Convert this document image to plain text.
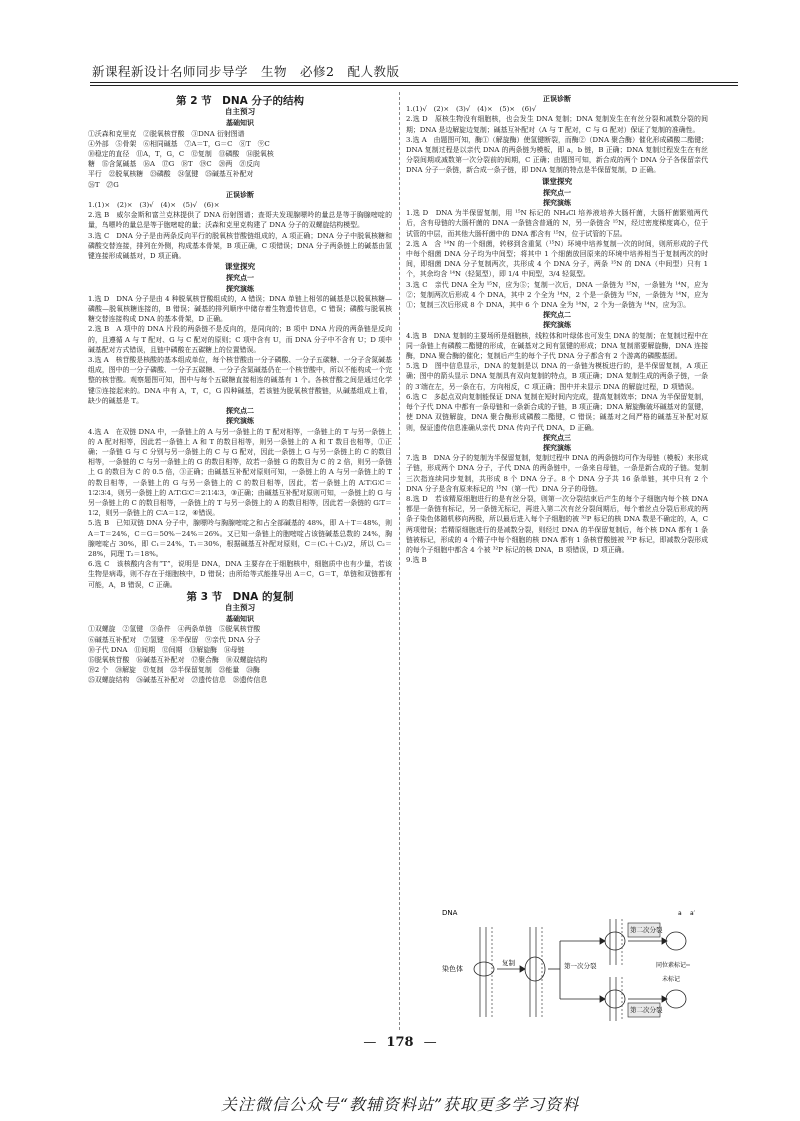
新课程新设计名师同步导学　生物　必修2　配人教版
第 2 节　DNA 分子的结构
自主预习
基础知识

①沃森和克里克　②脱氧核苷酸　③DNA 衍射图谱

④外部　⑤骨架　⑥相同碱基　⑦A＝T，G＝C　⑧T　⑨C

⑩稳定的直径　⑪A，T，G，C　⑫复制　⑬磷酸　⑭脱氧核

糖　⑮含氮碱基　⑯A　⑰G　⑱T　⑲C　⑳两　㉑反向

平行　㉒脱氧核糖　㉓磷酸　㉔氢键　㉕碱基互补配对

㉖T　㉗G

正误诊断

1.(1)×　(2)×　(3)√　(4)×　(5)√　(6)×

2.选 B　威尔金斯和富兰克林提供了 DNA 衍射图谱；查哥夫发现腺嘌呤的量总是等于胸腺嘧啶的量，鸟嘌呤的量总是等于胞嘧啶的量；沃森和克里克构建了 DNA 分子的双螺旋结构模型。

3.选 C　DNA 分子是由两条反向平行的脱氧核苷酸链组成的，A 项正确；DNA 分子中脱氧核糖和磷酸交替连接，排列在外侧，构成基本骨架，B 项正确，C 项错误；DNA 分子两条链上的碱基由氢键连接形成碱基对，D 项正确。

课堂探究
探究点一
探究演练

1.选 D　DNA 分子是由 4 种脱氧核苷酸组成的，A 错误；DNA 单链上相邻的碱基是以脱氧核糖—磷酸—脱氧核糖连接的，B 错误；碱基的排列顺序中储存着生物遗传信息，C 错误；磷酸与脱氧核糖交替连接构成 DNA 的基本骨架，D 正确。

2.选 B　A 项中的 DNA 片段的两条链不是反向的，是同向的；B 项中 DNA 片段的两条链是反向的，且遵循 A 与 T 配对、G 与 C 配对的原则；C 项中含有 U，而 DNA 分子中不含有 U；D 项中碱基配对方式错误，且链中磷酸在五碳糖上的位置错误。

3.选 A　核苷酸是核酸的基本组成单位，每个核苷酸由一分子磷酸、一分子五碳糖、一分子含氮碱基组成，图中的一分子磷酸、一分子五碳糖、一分子含氮碱基仍在一个核苷酸中，所以不能构成一个完整的核苷酸。观察题图可知，图中与每个五碳糖直接相连的碱基有 1 个。各核苷酸之间是通过化学键⑤连接起来的。DNA 中有 A，T，C，G 四种碱基，若该链为脱氧核苷酸链，从碱基组成上看，缺少的碱基是 T。

探究点二
探究演练

4.选 A　在双链 DNA 中，一条链上的 A 与另一条链上的 T 配对相等，一条链上的 T 与另一条链上的 A 配对相等，因此若一条链上 A 和 T 的数目相等，则另一条链上的 A 和 T 数目也相等，①正确；一条链 G 与 C 分别与另一条链上的 C 与 G 配对，因此一条链上 G 与另一条链上的 C 的数目相等，一条链的 C 与另一条链上的 G 的数目相等，故若一条链 G 的数目为 C 的 2 倍，则另一条链上 G 的数目为 C 的 0.5 倍，③正确；由碱基互补配对原则可知，一条链上的 A 与另一条链上的 T 的数目相等，一条链上的 G 与另一条链上的 C 的数目相等，因此，若一条链上的 A∶T∶G∶C＝1∶2∶3∶4，则另一条链上的 A∶T∶G∶C＝2∶1∶4∶3，③正确；由碱基互补配对原则可知，一条链上的 G 与另一条链上的 C 的数目相等，一条链上的 T 与另一条链上的 A 的数目相等，因此若一条链的 G∶T＝1∶2，则另一条链上的 C∶A＝1∶2，④错误。

5.选 B　已知双链 DNA 分子中，腺嘌呤与胸腺嘧啶之和占全部碱基的 48%，即 A＋T＝48%，则 A＝T＝24%，C＝G＝50%－24%＝26%。又已知一条链上的胞嘧啶占该链碱基总数的 24%，胸腺嘧啶占 30%，即 C₁＝24%，T₁＝30%，根据碱基互补配对原则，C＝(C₁＋C₂)/2，所以 C₂＝28%，同理 T₂＝18%。

6.选 C　该核酸内含有“T”，说明是 DNA，DNA 主要存在于细胞核中，细胞质中也有少量，若该生物是病毒，则不存在于细胞核中，D 错误；由所给等式能推导出 A＝C，G＝T，单链和双链都有可能，A，B 错误，C 正确。

第 3 节　DNA 的复制
自主预习
基础知识

①双螺旋　②氢键　③条件　④两条单链　⑤脱氧核苷酸

⑥碱基互补配对　⑦氢键　⑧半保留　⑨亲代 DNA 分子

⑩子代 DNA　⑪间期　⑫间期　⑬解旋酶　⑭母链

⑮脱氧核苷酸　⑯碱基互补配对　⑰聚合酶　⑱双螺旋结构

⑲2 个　⑳解旋　㉑复制　㉒半保留复制　㉓能量　㉔酶

㉕双螺旋结构　㉖碱基互补配对　㉗遗传信息　㉘遗传信息

正误诊断

1.(1)√　(2)×　(3)√　(4)×　(5)×　(6)√

2.选 D　原核生物没有细胞核，也会发生 DNA 复制；DNA 复制发生在有丝分裂和减数分裂的间期；DNA 是边解旋边复制；碱基互补配对（A 与 T 配对，C 与 G 配对）保证了复制的准确性。

3.选 A　由题图可知，酶①（解旋酶）使氢键断裂，而酶②（DNA 聚合酶）催化形成磷酸二酯键；DNA 复制过程是以亲代 DNA 的两条链为模板，即 a，b 链，B 正确；DNA 复制过程发生在有丝分裂间期或减数第一次分裂前的间期，C 正确；由题图可知，新合成的两个 DNA 分子各保留亲代 DNA 分子一条链，新合成一条子链，即 DNA 复制的特点是半保留复制，D 正确。

课堂探究
探究点一
探究演练

1.选 D　DNA 为半保留复制，用 ¹⁵N 标记的 NH₄Cl 培养液培养大肠杆菌，大肠杆菌繁殖两代后，含有母链的大肠杆菌的 DNA 一条链含普通的 N，另一条链含 ¹⁵N，经过密度梯度离心，位于试管的中层，而其他大肠杆菌中的 DNA 都含有 ¹⁵N，位于试管的下层。

2.选 A　含 ¹⁴N 的一个细菌，转移到含重氮（¹⁵N）环境中培养复制一次的时间，则所形成的子代中每个细菌 DNA 分子均为中间型；将其中 1 个细菌放回原来的环境中培养相当于复制两次的时间，即细菌 DNA 分子复制两次，共形成 4 个 DNA 分子，两条 ¹⁵N 的 DNA（中间型）只有 1 个，其余均含 ¹⁴N（轻氮型），即 1/4 中间型，3/4 轻氮型。

3.选 C　亲代 DNA 全为 ¹⁵N，应为⑤；复制一次后，DNA 一条链为 ¹⁵N，一条链为 ¹⁴N，应为②；复制两次后形成 4 个 DNA，其中 2 个全为 ¹⁴N，2 个是一条链为 ¹⁵N，一条链为 ¹⁴N，应为①；复制三次后形成 8 个 DNA，其中 6 个 DNA 全为 ¹⁴N，2 个为一条链为 ¹⁴N，应为③。

探究点二
探究演练

4.选 B　DNA 复制的主要场所是细胞核，线粒体和叶绿体也可发生 DNA 的复制；在复制过程中在同一条链上有磷酸二酯键的形成，在碱基对之间有氢键的形成；DNA 复制需要解旋酶，DNA 连接酶，DNA 聚合酶的催化；复制后产生的每个子代 DNA 分子都含有 2 个游离的磷酸基团。

5.选 D　图中信息显示，DNA 的复制是以 DNA 的一条链为模板进行的，是半保留复制，A 项正确；图中的箭头显示 DNA 复制具有双向复制的特点，B 项正确；DNA 复制生成的两条子链，一条的 3′端在左，另一条在右，方向相反，C 项正确；图中并未显示 DNA 的解旋过程，D 项错误。

6.选 C　多起点双向复制能保证 DNA 复制在短时间内完成，提高复制效率；DNA 为半保留复制，每个子代 DNA 中都有一条母链和一条新合成的子链，B 项正确；DNA 解旋酶破坏碱基对的氢键，使 DNA 双链解旋，DNA 聚合酶形成磷酸二酯键，C 错误；碱基对之间严格的碱基互补配对原则，保证遗传信息准确从亲代 DNA 传向子代 DNA，D 正确。

探究点三
探究演练

7.选 B　DNA 分子的复制为半保留复制，复制过程中 DNA 的两条链均可作为母链（模板）来形成子链，形成两个 DNA 分子，子代 DNA 的两条链中，一条来自母链，一条是新合成的子链。复制三次指连续同步复制，共形成 8 个 DNA 分子。8 个 DNA 分子共 16 条单链，其中只有 2 个 DNA 分子是含有原来标记的 ¹⁵N（第一代）DNA 分子的母链。

8.选 D　若该精原细胞进行的是有丝分裂，则第一次分裂结束后产生的每个子细胞内每个核 DNA 都是一条链有标记，另一条链无标记，再进入第二次有丝分裂间期后，每个着丝点分裂后形成的两条子染色体随机移向两极，所以最后进入每个子细胞的被 ³²P 标记的核 DNA 数是不确定的，A，C 两项错误；若精原细胞进行的是减数分裂，则经过 DNA 的半保留复制后，每个核 DNA 都有 1 条链被标记，形成的 4 个精子中每个细胞的核 DNA 都有 1 条核苷酸链被 ³²P 标记，即减数分裂形成的每个子细胞中都含 4 个被 ³²P 标记的核 DNA，B 项错误，D 项正确。

9.选 B

DNA
染色体
复制	第一次分裂
第二次分裂
第二次分裂
a a′
同位素标记
未标记
— 178 —
关注微信公众号“教辅资料站”获取更多学习资料
